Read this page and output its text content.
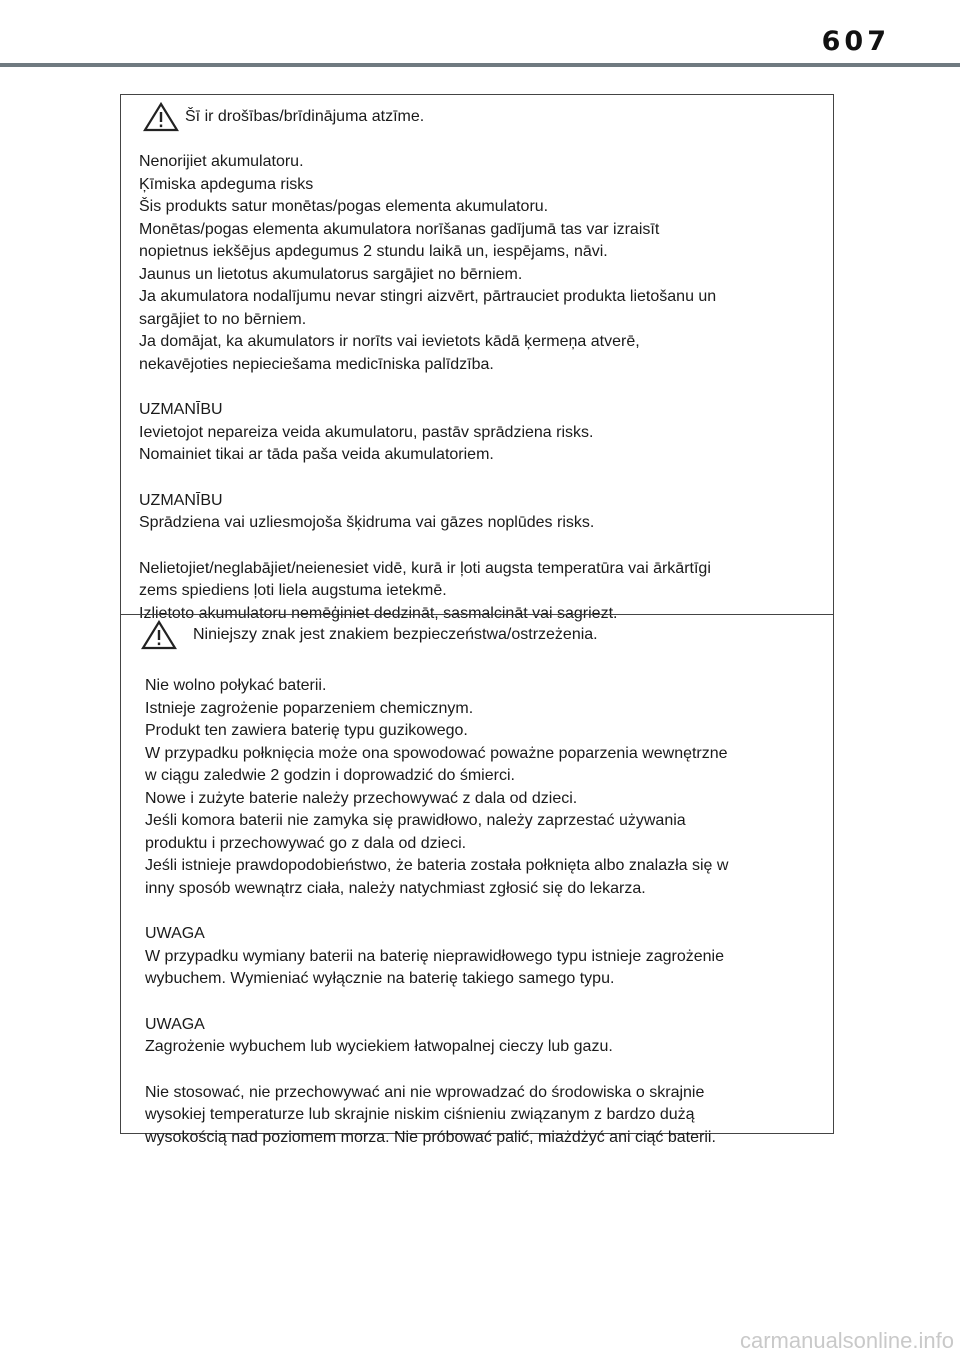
607
Šī ir drošības/brīdinājuma atzīme.
Nenorijiet akumulatoru.
Ķīmiska apdeguma risks
Šis produkts satur monētas/pogas elementa akumulatoru.
Monētas/pogas elementa akumulatora norīšanas gadījumā tas var izraisīt
nopietnus iekšējus apdegumus 2 stundu laikā un, iespējams, nāvi.
Jaunus un lietotus akumulatorus sargājiet no bērniem.
Ja akumulatora nodalījumu nevar stingri aizvērt, pārtrauciet produkta lietošanu un
sargājiet to no bērniem.
Ja domājat, ka akumulators ir norīts vai ievietots kādā ķermeņa atverē,
nekavējoties nepieciešama medicīniska palīdzība.
UZMANĪBU
Ievietojot nepareiza veida akumulatoru, pastāv sprādziena risks.
Nomainiet tikai ar tāda paša veida akumulatoriem.
UZMANĪBU
Sprādziena vai uzliesmojoša šķidruma vai gāzes noplūdes risks.
Nelietojiet/neglabājiet/neienesiet vidē, kurā ir ļoti augsta temperatūra vai ārkārtīgi
zems spiediens ļoti liela augstuma ietekmē.
Izlietoto akumulatoru nemēģiniet dedzināt, sasmalcināt vai sagriezt.
Niniejszy znak jest znakiem bezpieczeństwa/ostrzeżenia.
Nie wolno połykać baterii.
Istnieje zagrożenie poparzeniem chemicznym.
Produkt ten zawiera baterię typu guzikowego.
W przypadku połknięcia może ona spowodować poważne poparzenia wewnętrzne
w ciągu zaledwie 2 godzin i doprowadzić do śmierci.
Nowe i zużyte baterie należy przechowywać z dala od dzieci.
Jeśli komora baterii nie zamyka się prawidłowo, należy zaprzestać używania
produktu i przechowywać go z dala od dzieci.
Jeśli istnieje prawdopodobieństwo, że bateria została połknięta albo znalazła się w
inny sposób wewnątrz ciała, należy natychmiast zgłosić się do lekarza.
UWAGA
W przypadku wymiany baterii na baterię nieprawidłowego typu istnieje zagrożenie
wybuchem. Wymieniać wyłącznie na baterię takiego samego typu.
UWAGA
Zagrożenie wybuchem lub wyciekiem łatwopalnej cieczy lub gazu.
Nie stosować, nie przechowywać ani nie wprowadzać do środowiska o skrajnie
wysokiej temperaturze lub skrajnie niskim ciśnieniu związanym z bardzo dużą
wysokością nad poziomem morza. Nie próbować palić, miażdżyć ani ciąć baterii.
carmanualsonline.info
